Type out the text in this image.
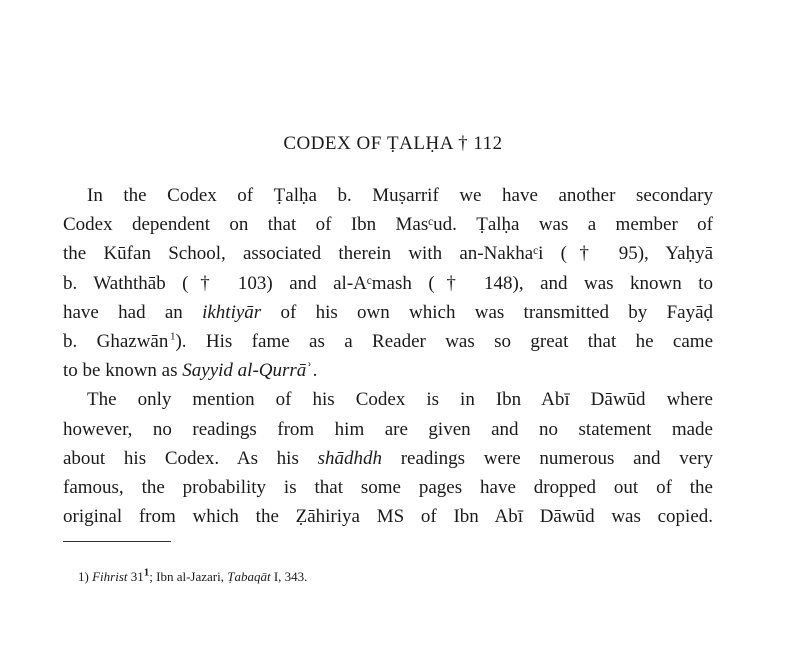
CODEX OF ṬALḤA † 112
In the Codex of Ṭalḥa b. Muṣarrif we have another secondary
Codex dependent on that of Ibn Masᶜud. Ṭalḥa was a member of
the Kūfan School, associated therein with an-Nakhaᶜi († 95), Yaḥyā
b. Waththāb († 103) and al-Aᶜmash († 148), and was known to
have had an ikhtiyār of his own which was transmitted by Fayāḍ
b. Ghazwān  $^1$). His fame as a Reader was so great that he came
to be known as Sayyid al-Qurrāʾ.
The only mention of his Codex is in Ibn Abī Dāwūd where
however, no readings from him are given and no statement made
about his Codex. As his shādhdh readings were numerous and very
famous, the probability is that some pages have dropped out of the
original from which the Ẓāhiriya MS of Ibn Abī Dāwūd was copied.
1) Fihrist $31^1$; Ibn al-Jazari, Ṭabaqāt I, 343.
